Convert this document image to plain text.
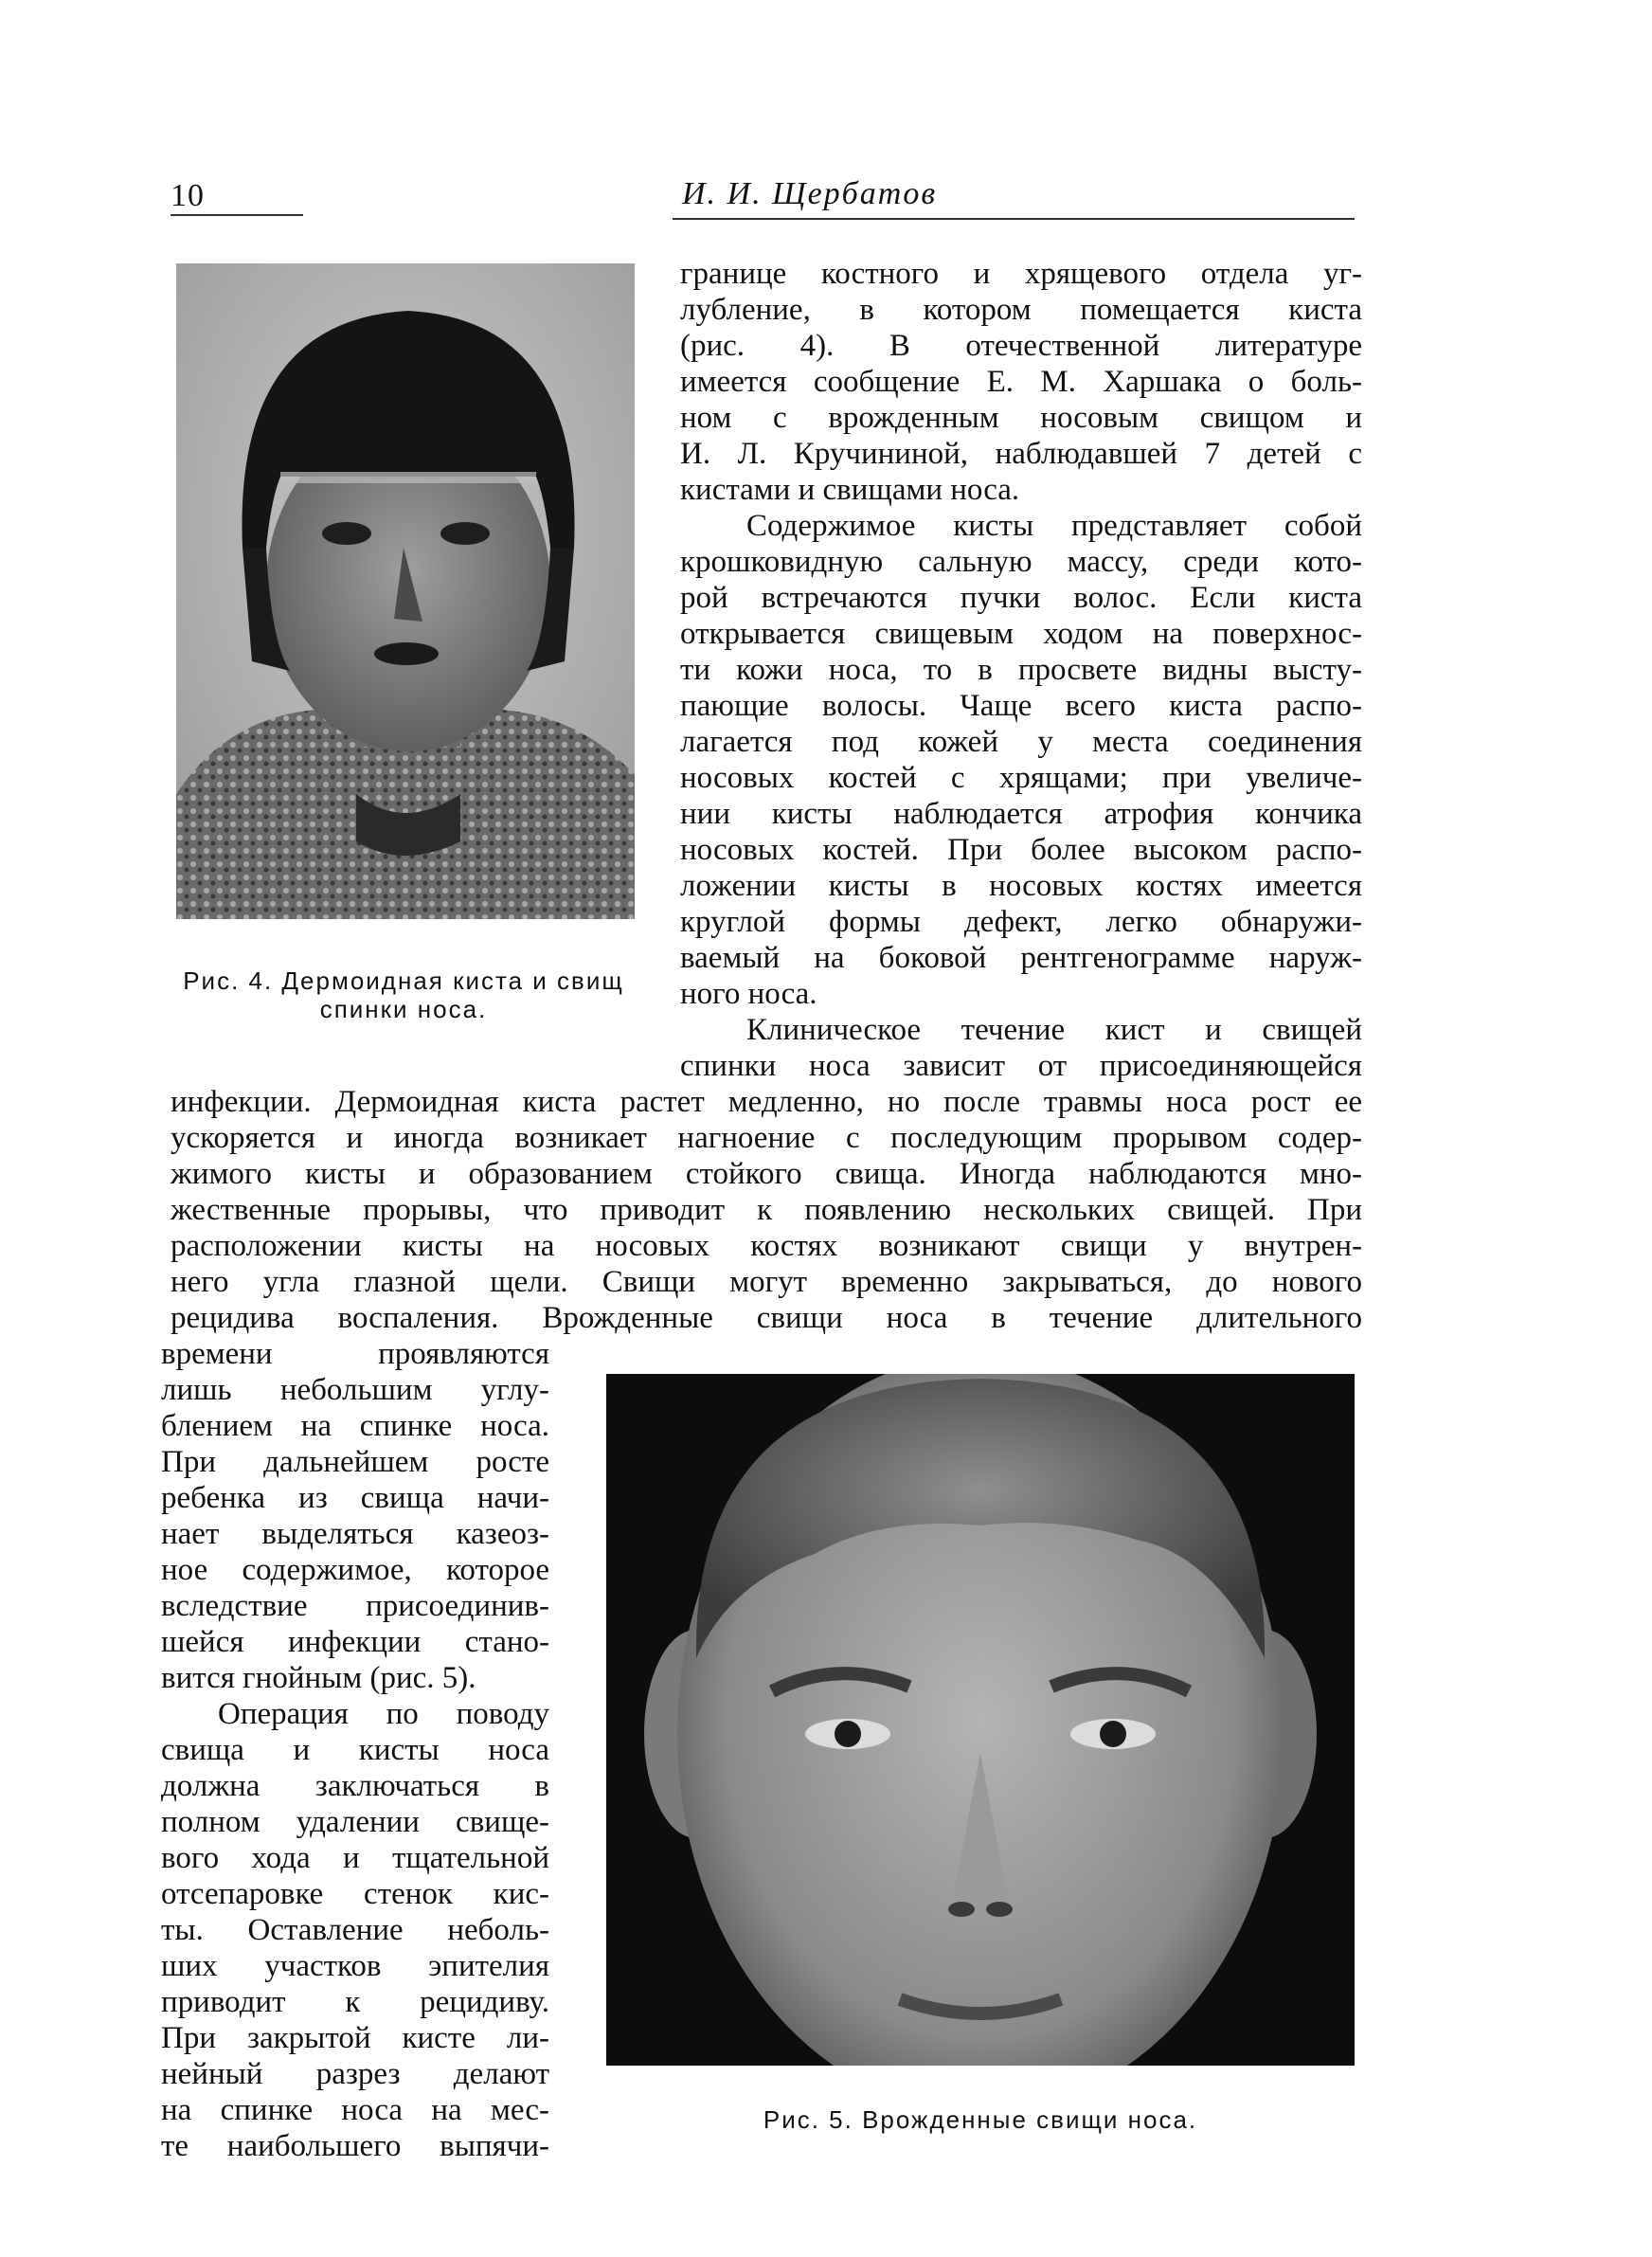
10	И. И. Щербатов
Рис. 4. Дермоидная киста и свищ
спинки носа.
границе костного и хрящевого отдела уг-
лубление, в котором помещается киста
(рис. 4). В отечественной литературе
имеется сообщение Е. М. Харшака о боль-
ном с врожденным носовым свищом и
И. Л. Кручининой, наблюдавшей 7 детей с
кистами и свищами носа.
Содержимое кисты представляет собой
крошковидную сальную массу, среди кото-
рой встречаются пучки волос. Если киста
открывается свищевым ходом на поверхнос-
ти кожи носа, то в просвете видны высту-
пающие волосы. Чаще всего киста распо-
лагается под кожей у места соединения
носовых костей с хрящами; при увеличе-
нии кисты наблюдается атрофия кончика
носовых костей. При более высоком распо-
ложении кисты в носовых костях имеется
круглой формы дефект, легко обнаружи-
ваемый на боковой рентгенограмме наруж-
ного носа.
Клиническое течение кист и свищей
спинки носа зависит от присоединяющейся
инфекции. Дермоидная киста растет медленно, но после травмы носа рост ее
ускоряется и иногда возникает нагноение с последующим прорывом содер-
жимого кисты и образованием стойкого свища. Иногда наблюдаются мно-
жественные прорывы, что приводит к появлению нескольких свищей. При
расположении кисты на носовых костях возникают свищи у внутрен-
него угла глазной щели. Свищи могут временно закрываться, до нового
рецидива воспаления. Врожденные свищи носа в течение длительного
времени проявляются
лишь небольшим углу-
блением на спинке носа.
При дальнейшем росте
ребенка из свища начи-
нает выделяться казеоз-
ное содержимое, которое
вследствие присоединив-
шейся инфекции стано-
вится гнойным (рис. 5).
Операция по поводу
свища и кисты носа
должна заключаться в
полном удалении свище-
вого хода и тщательной
отсепаровке стенок кис-
ты. Оставление неболь-
ших участков эпителия
приводит к рецидиву.
При закрытой кисте ли-
нейный разрез делают
на спинке носа на мес-
те наибольшего выпячи-
Рис. 5. Врожденные свищи носа.
